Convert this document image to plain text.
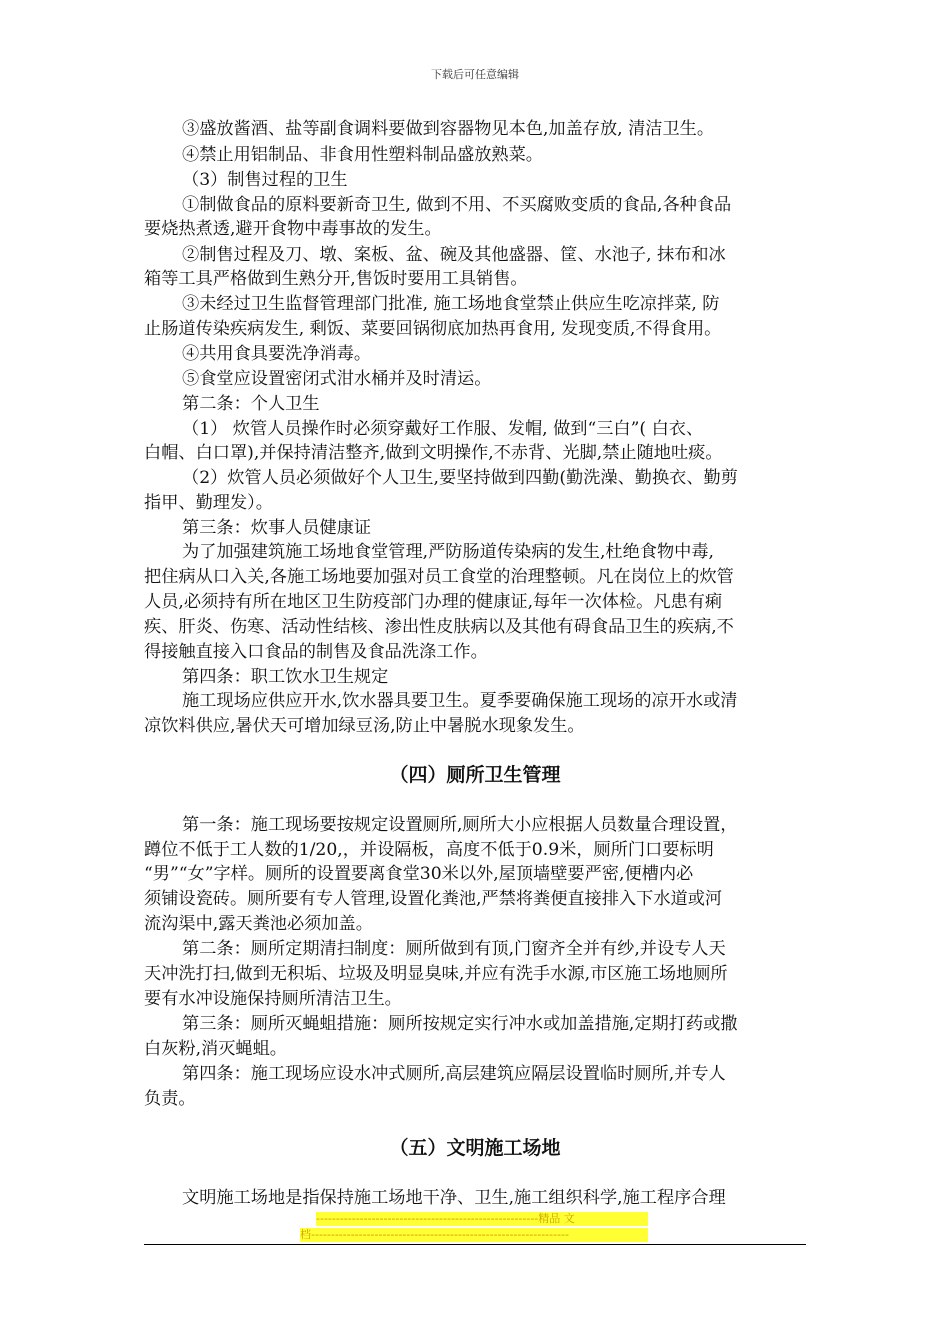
下载后可任意编辑
③盛放酱酒、盐等副食调料要做到容器物见本色,加盖存放, 清洁卫生。
④禁止用铝制品、非食用性塑料制品盛放熟菜。
（3）制售过程的卫生
①制做食品的原料要新奇卫生, 做到不用、不买腐败变质的食品,各种食品
要烧热煮透,避开食物中毒事故的发生。
②制售过程及刀、墩、案板、盆、碗及其他盛器、筐、水池子, 抹布和冰
箱等工具严格做到生熟分开,售饭时要用工具销售。
③未经过卫生监督管理部门批准, 施工场地食堂禁止供应生吃凉拌菜, 防
止肠道传染疾病发生, 剩饭、菜要回锅彻底加热再食用, 发现变质,不得食用。
④共用食具要洗净消毒。
⑤食堂应设置密闭式泔水桶并及时清运。
第二条：个人卫生
（1） 炊管人员操作时必须穿戴好工作服、发帽, 做到“三白”( 白衣、
白帽、白口罩),并保持清洁整齐,做到文明操作,不赤背、光脚,禁止随地吐痰。
（2）炊管人员必须做好个人卫生,要坚持做到四勤(勤洗澡、勤换衣、勤剪
指甲、勤理发）。
第三条：炊事人员健康证
为了加强建筑施工场地食堂管理,严防肠道传染病的发生,杜绝食物中毒,
把住病从口入关,各施工场地要加强对员工食堂的治理整顿。凡在岗位上的炊管
人员,必须持有所在地区卫生防疫部门办理的健康证,每年一次体检。凡患有痢
疾、肝炎、伤寒、活动性结核、渗出性皮肤病以及其他有碍食品卫生的疾病,不
得接触直接入口食品的制售及食品洗涤工作。
第四条：职工饮水卫生规定
施工现场应供应开水,饮水器具要卫生。夏季要确保施工现场的凉开水或清
凉饮料供应,暑伏天可增加绿豆汤,防止中暑脱水现象发生。
（四）厕所卫生管理
第一条：施工现场要按规定设置厕所,厕所大小应根据人员数量合理设置，
蹲位不低于工人数的1/20,，并设隔板，高度不低于0.9米，厕所门口要标明
“男”“女”字样。厕所的设置要离食堂30米以外,屋顶墙壁要严密,便槽内必
须铺设瓷砖。厕所要有专人管理,设置化粪池,严禁将粪便直接排入下水道或河
流沟渠中,露天粪池必须加盖。
第二条：厕所定期清扫制度：厕所做到有顶,门窗齐全并有纱,并设专人天
天冲洗打扫,做到无积垢、垃圾及明显臭味,并应有洗手水源,市区施工场地厕所
要有水冲设施保持厕所清洁卫生。
第三条：厕所灭蝇蛆措施：厕所按规定实行冲水或加盖措施,定期打药或撒
白灰粉,消灭蝇蛆。
第四条：施工现场应设水冲式厕所,高层建筑应隔层设置临时厕所,并专人
负责。
（五）文明施工场地
文明施工场地是指保持施工场地干净、卫生,施工组织科学,施工程序合理
--------------------------------------------------------精品 文
档-----------------------------------------------------------------
